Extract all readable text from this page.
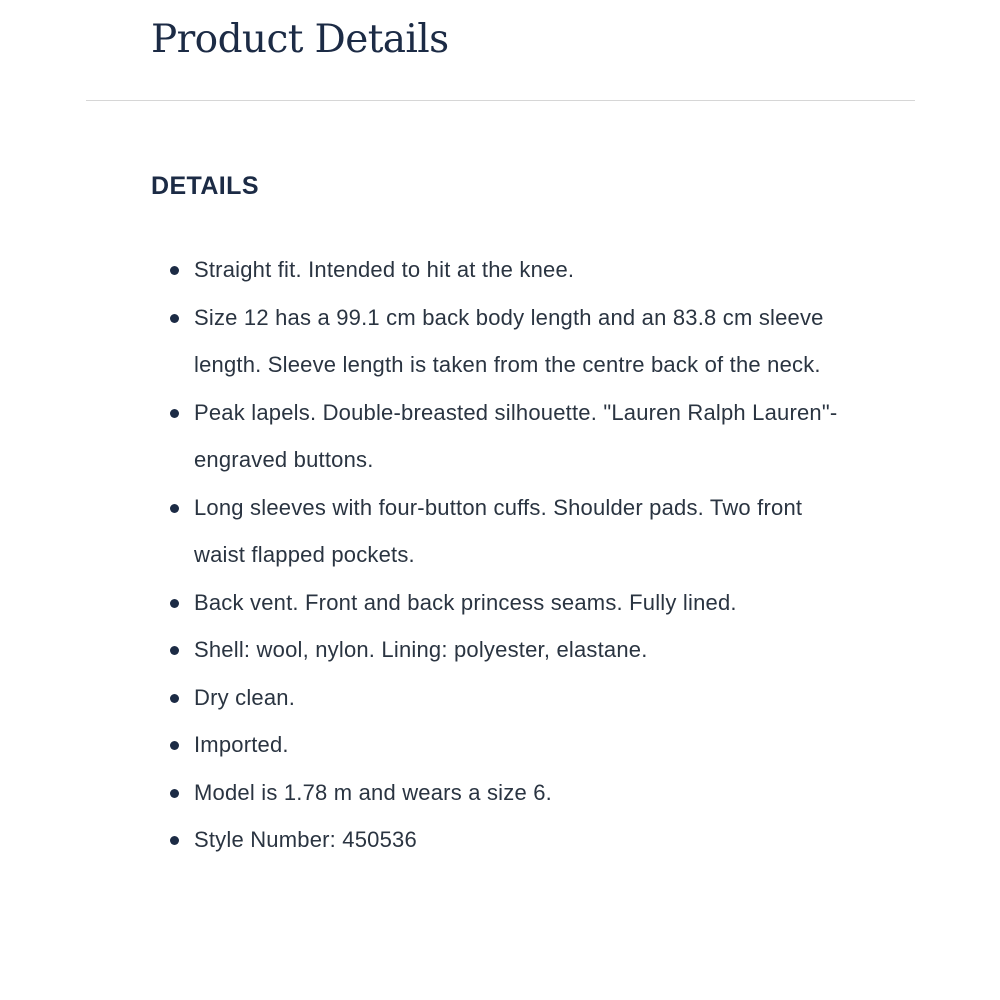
Product Details
DETAILS
Straight fit. Intended to hit at the knee.
Size 12 has a 99.1 cm back body length and an 83.8 cm sleeve length. Sleeve length is taken from the centre back of the neck.
Peak lapels. Double-breasted silhouette. "Lauren Ralph Lauren"-engraved buttons.
Long sleeves with four-button cuffs. Shoulder pads. Two front waist flapped pockets.
Back vent. Front and back princess seams. Fully lined.
Shell: wool, nylon. Lining: polyester, elastane.
Dry clean.
Imported.
Model is 1.78 m and wears a size 6.
Style Number: 450536
